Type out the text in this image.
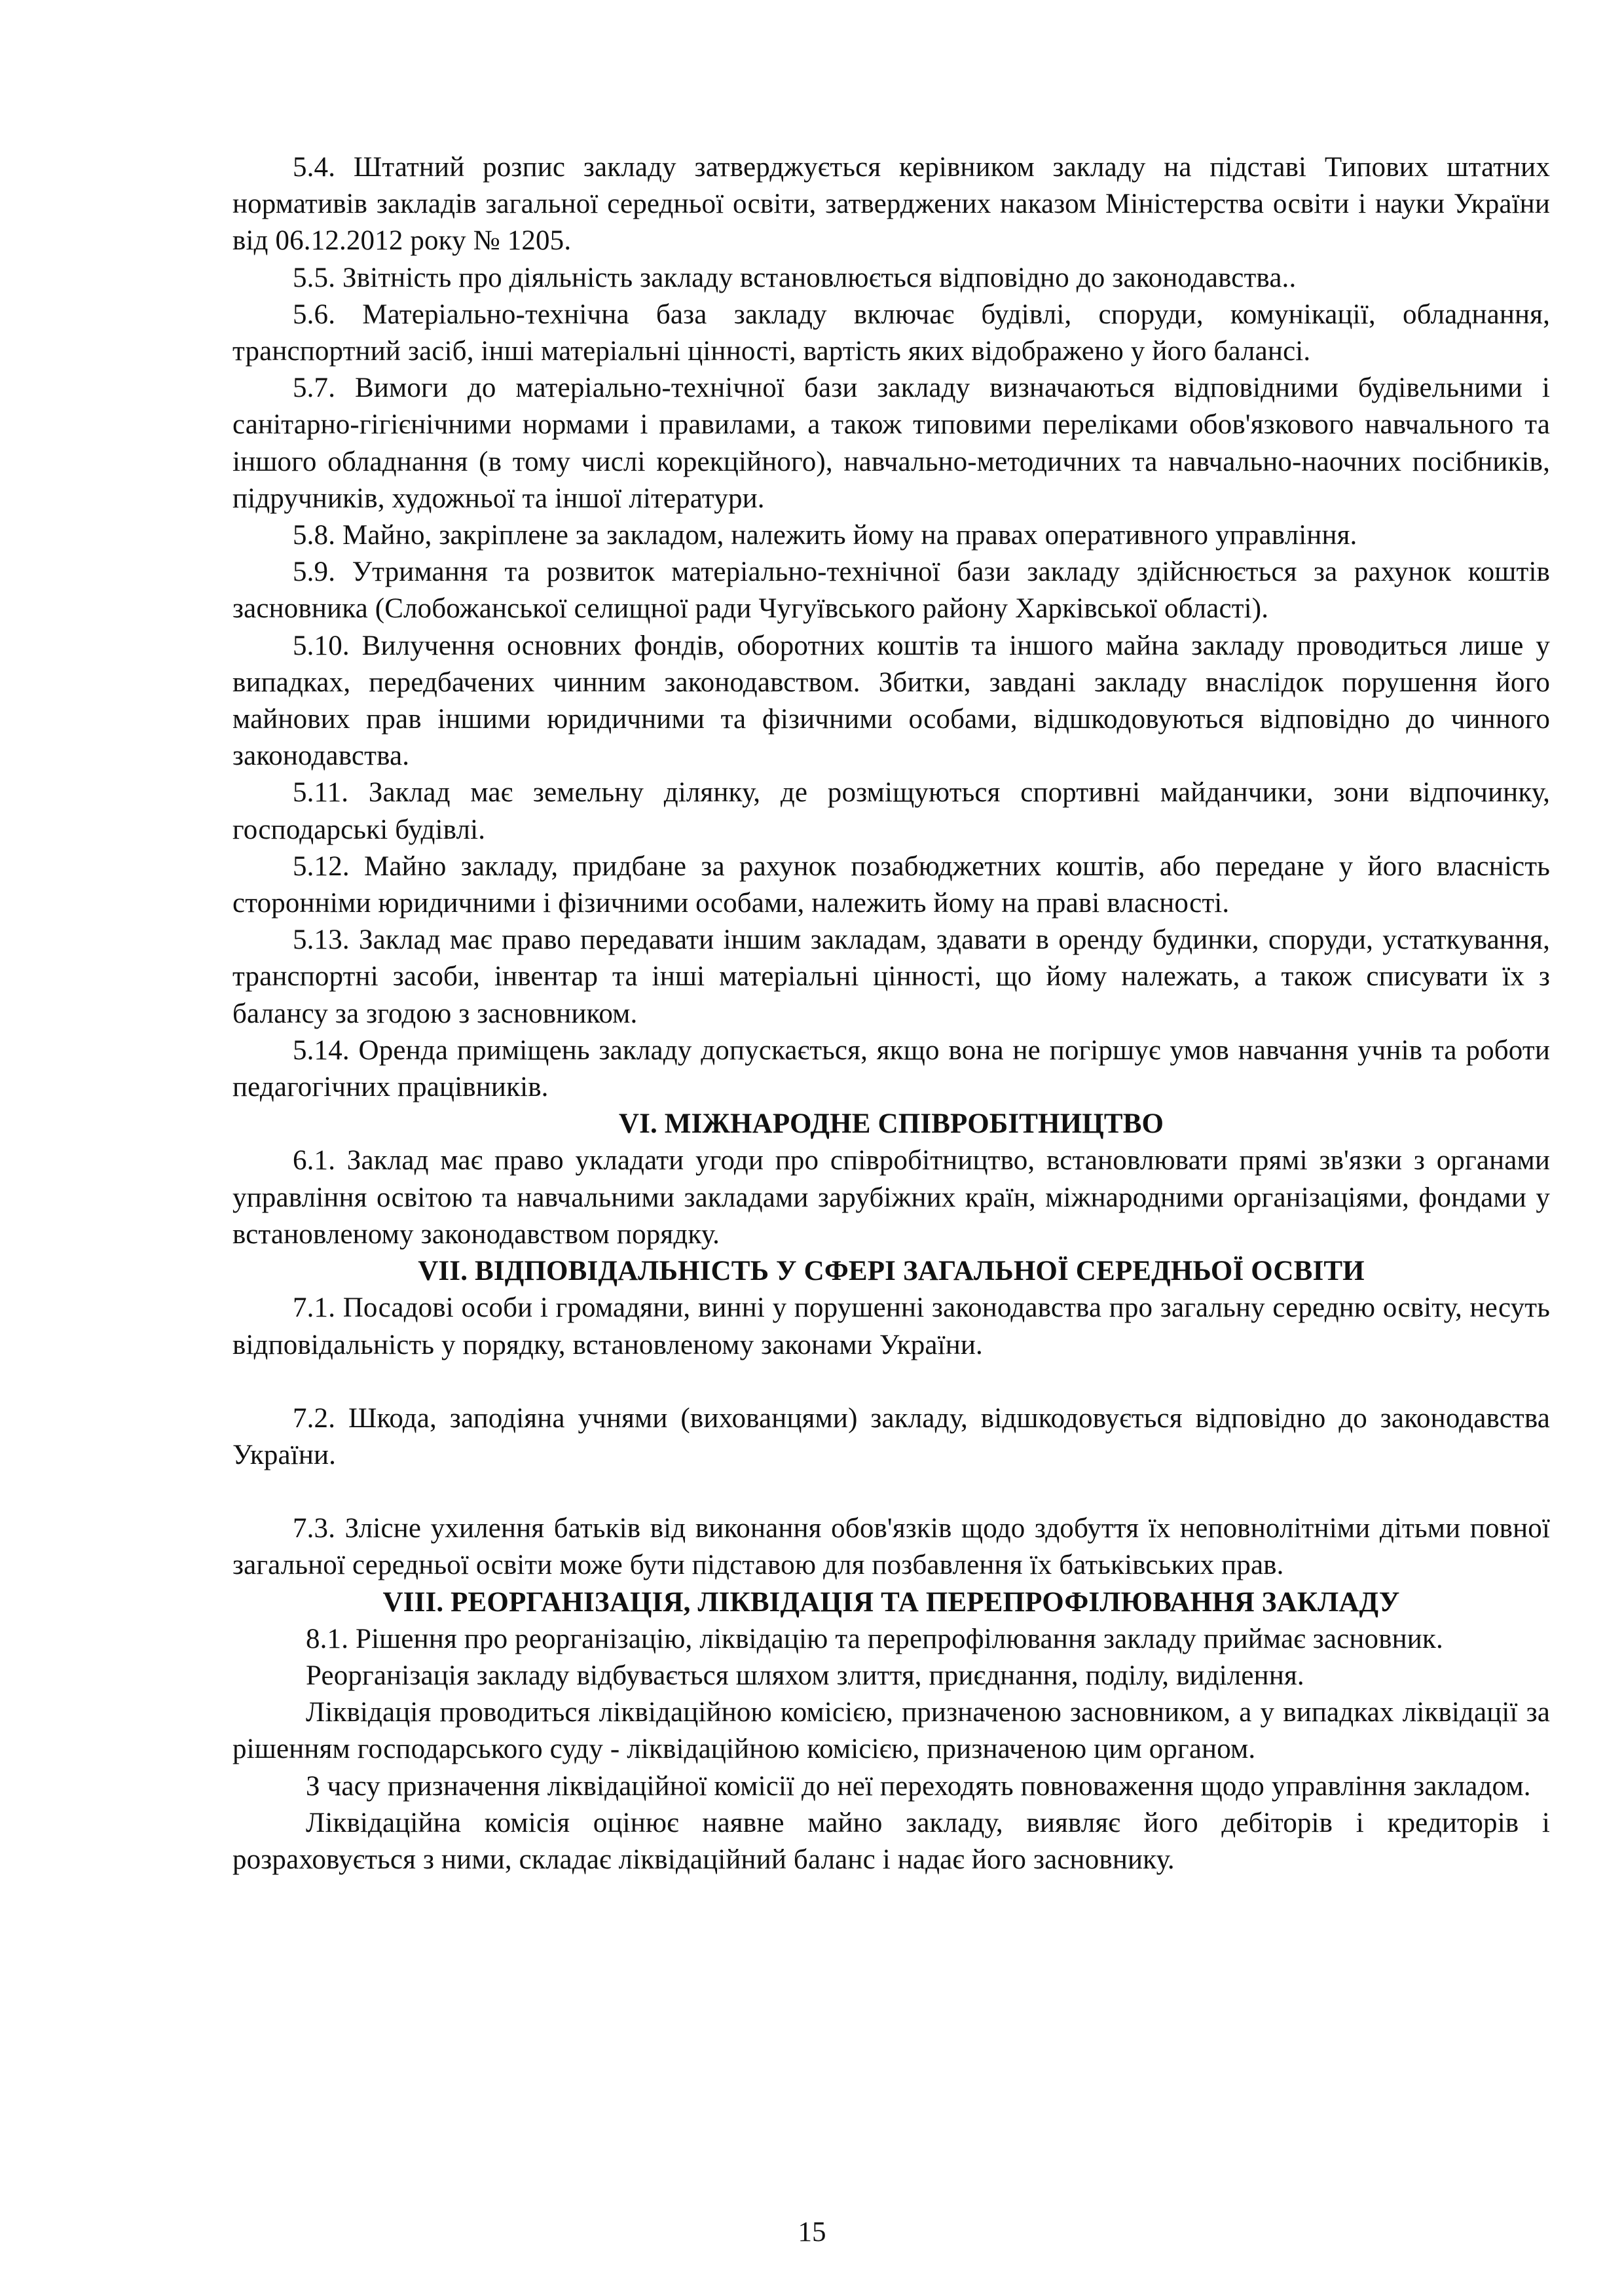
5.4. Штатний розпис закладу затверджується керівником закладу на підставі Типових штатних нормативів закладів загальної середньої освіти, затверджених наказом Міністерства освіти і науки України від 06.12.2012 року № 1205.

5.5. Звітність про діяльність закладу встановлюється відповідно до законодавства..

5.6. Матеріально-технічна база закладу включає будівлі, споруди, комунікації, обладнання, транспортний засіб, інші матеріальні цінності, вартість яких відображено у його балансі.

5.7. Вимоги до матеріально-технічної бази закладу визначаються відповідними будівельними і санітарно-гігієнічними нормами і правилами, а також типовими переліками обов'язкового навчального та іншого обладнання (в тому числі корекційного), навчально-методичних та навчально-наочних посібників, підручників, художньої та іншої літератури.

5.8. Майно, закріплене за закладом, належить йому на правах оперативного управління.

5.9. Утримання та розвиток матеріально-технічної бази закладу здійснюється за рахунок коштів засновника (Слобожанської селищної ради Чугуївського району Харківської області).

5.10. Вилучення основних фондів, оборотних коштів та іншого майна закладу проводиться лише у випадках, передбачених чинним законодавством. Збитки, завдані закладу внаслідок порушення його майнових прав іншими юридичними та фізичними особами, відшкодовуються відповідно до чинного законодавства.

5.11. Заклад має земельну ділянку, де розміщуються спортивні майданчики, зони відпочинку, господарські будівлі.

5.12. Майно закладу, придбане за рахунок позабюджетних коштів, або передане у його власність сторонніми юридичними і фізичними особами, належить йому на праві власності.

5.13. Заклад має право передавати іншим закладам, здавати в оренду будинки, споруди, устаткування, транспортні засоби, інвентар та інші матеріальні цінності, що йому належать, а також списувати їх з балансу за згодою з засновником.

5.14. Оренда приміщень закладу допускається, якщо вона не погіршує умов навчання учнів та роботи педагогічних працівників.

VI. МІЖНАРОДНЕ СПІВРОБІТНИЦТВО

6.1. Заклад має право укладати угоди про співробітництво, встановлювати прямі зв'язки з органами управління освітою та навчальними закладами зарубіжних країн, міжнародними організаціями, фондами у встановленому законодавством порядку.

VII. ВІДПОВІДАЛЬНІСТЬ У СФЕРІ ЗАГАЛЬНОЇ СЕРЕДНЬОЇ ОСВІТИ

7.1. Посадові особи і громадяни, винні у порушенні законодавства про загальну середню освіту, несуть відповідальність у порядку, встановленому законами України.

7.2. Шкода, заподіяна учнями (вихованцями) закладу, відшкодовується відповідно до законодавства України.

7.3. Злісне ухилення батьків від виконання обов'язків щодо здобуття їх неповнолітніми дітьми повної загальної середньої освіти може бути підставою для позбавлення їх батьківських прав.

VIII. РЕОРГАНІЗАЦІЯ, ЛІКВІДАЦІЯ ТА ПЕРЕПРОФІЛЮВАННЯ ЗАКЛАДУ

8.1. Рішення про реорганізацію, ліквідацію та перепрофілювання закладу приймає засновник.

Реорганізація закладу відбувається шляхом злиття, приєднання, поділу, виділення.

Ліквідація проводиться ліквідаційною комісією, призначеною засновником, а у випадках ліквідації за рішенням господарського суду - ліквідаційною комісією, призначеною цим органом.

З часу призначення ліквідаційної комісії до неї переходять повноваження щодо управління закладом.

Ліквідаційна комісія оцінює наявне майно закладу, виявляє його дебіторів і кредиторів і розраховується з ними, складає ліквідаційний баланс і надає його засновнику.

15
